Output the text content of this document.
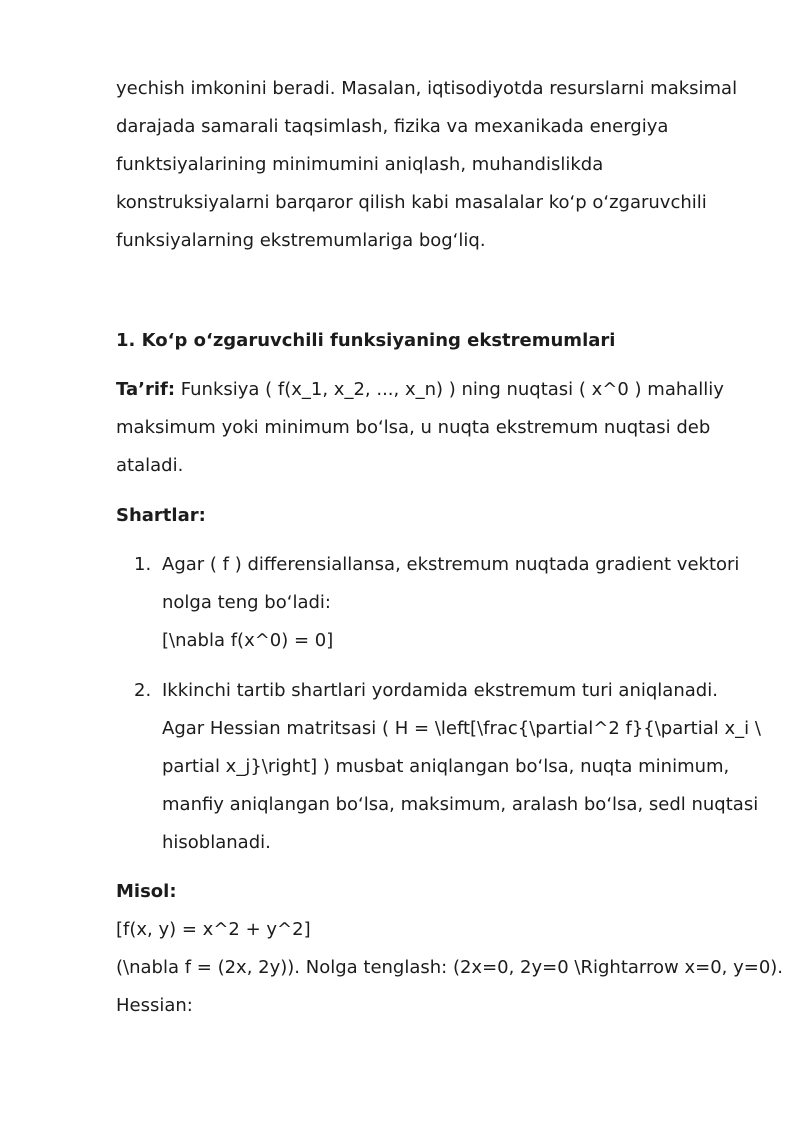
yechish imkonini beradi. Masalan, iqtisodiyotda resurslarni maksimal
darajada samarali taqsimlash, fizika va mexanikada energiya
funktsiyalarining minimumini aniqlash, muhandislikda
konstruksiyalarni barqaror qilish kabi masalalar koʻp oʻzgaruvchili
funksiyalarning ekstremumlariga bogʻliq.
1. Koʻp oʻzgaruvchili funksiyaning ekstremumlari
Taʼrif: Funksiya ( f(x_1, x_2, ..., x_n) ) ning nuqtasi ( x^0 ) mahalliy
maksimum yoki minimum boʻlsa, u nuqta ekstremum nuqtasi deb
ataladi.
Shartlar:
1. Agar ( f ) differensiallansa, ekstremum nuqtada gradient vektori
nolga teng boʻladi:
[\nabla f(x^0) = 0]
2. Ikkinchi tartib shartlari yordamida ekstremum turi aniqlanadi.
Agar Hessian matritsasi ( H = \left[\frac{\partial^2 f}{\partial x_i \
partial x_j}\right] ) musbat aniqlangan boʻlsa, nuqta minimum,
manfiy aniqlangan boʻlsa, maksimum, aralash boʻlsa, sedl nuqtasi
hisoblanadi.
Misol:
[f(x, y) = x^2 + y^2]
(\nabla f = (2x, 2y)). Nolga tenglash: (2x=0, 2y=0 \Rightarrow x=0, y=0).
Hessian:
